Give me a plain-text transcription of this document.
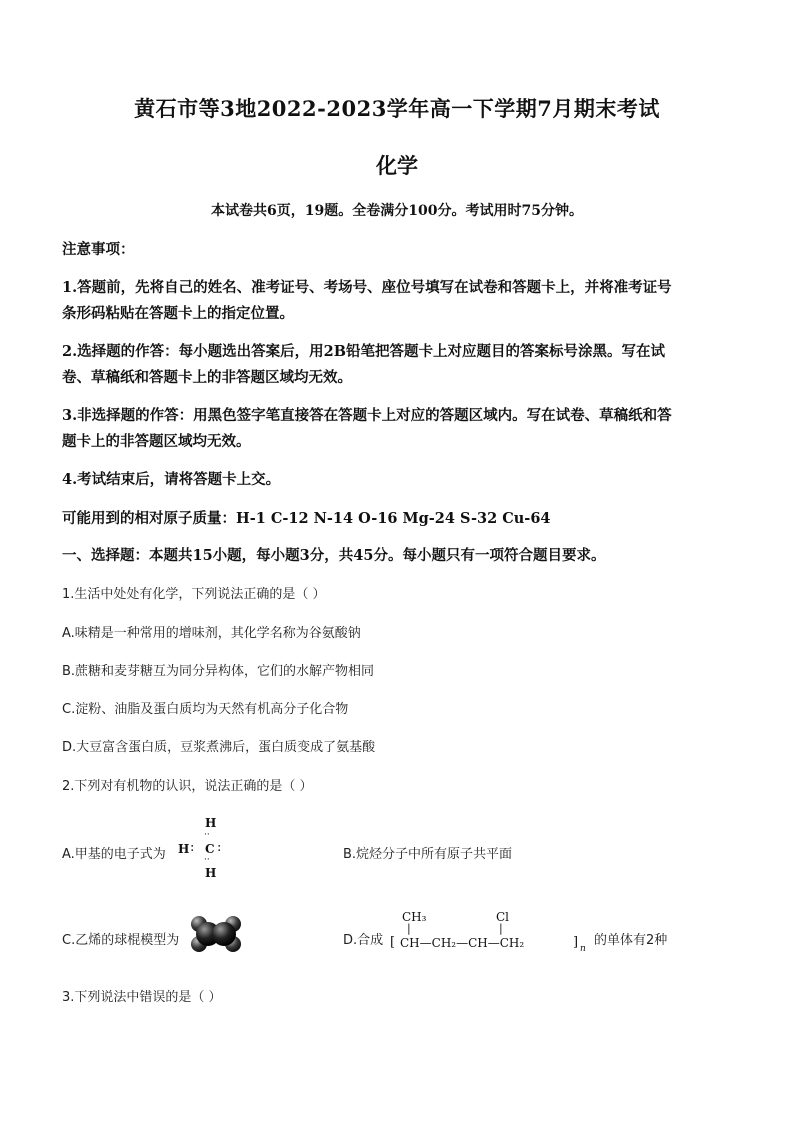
黄石市等3地2022-2023学年高一下学期7月期末考试
化学
本试卷共6页，19题。全卷满分100分。考试用时75分钟。
注意事项：
1.答题前，先将自己的姓名、准考证号、考场号、座位号填写在试卷和答题卡上，并将准考证号
条形码粘贴在答题卡上的指定位置。
2.选择题的作答：每小题选出答案后，用2B铅笔把答题卡上对应题目的答案标号涂黑。写在试
卷、草稿纸和答题卡上的非答题区域均无效。
3.非选择题的作答：用黑色签字笔直接答在答题卡上对应的答题区域内。写在试卷、草稿纸和答
题卡上的非答题区域均无效。
4.考试结束后，请将答题卡上交。
可能用到的相对原子质量：H-1 C-12 N-14 O-16 Mg-24 S-32 Cu-64
一、选择题：本题共15小题，每小题3分，共45分。每小题只有一项符合题目要求。
1.生活中处处有化学，下列说法正确的是（ ）
A.味精是一种常用的增味剂，其化学名称为谷氨酸钠
B.蔗糖和麦芽糖互为同分异构体，它们的水解产物相同
C.淀粉、油脂及蛋白质均为天然有机高分子化合物
D.大豆富含蛋白质，豆浆煮沸后，蛋白质变成了氨基酸
2.下列对有机物的认识，说法正确的是（ ）
A.甲基的电子式为
H
··
H : C :
··
H
B.烷烃分子中所有原子共平面
C.乙烯的球棍模型为	D.合成
CH₃
|
Cl
|
[ CH—CH₂—CH—CH₂	] n
的单体有2种
3.下列说法中错误的是（ ）
